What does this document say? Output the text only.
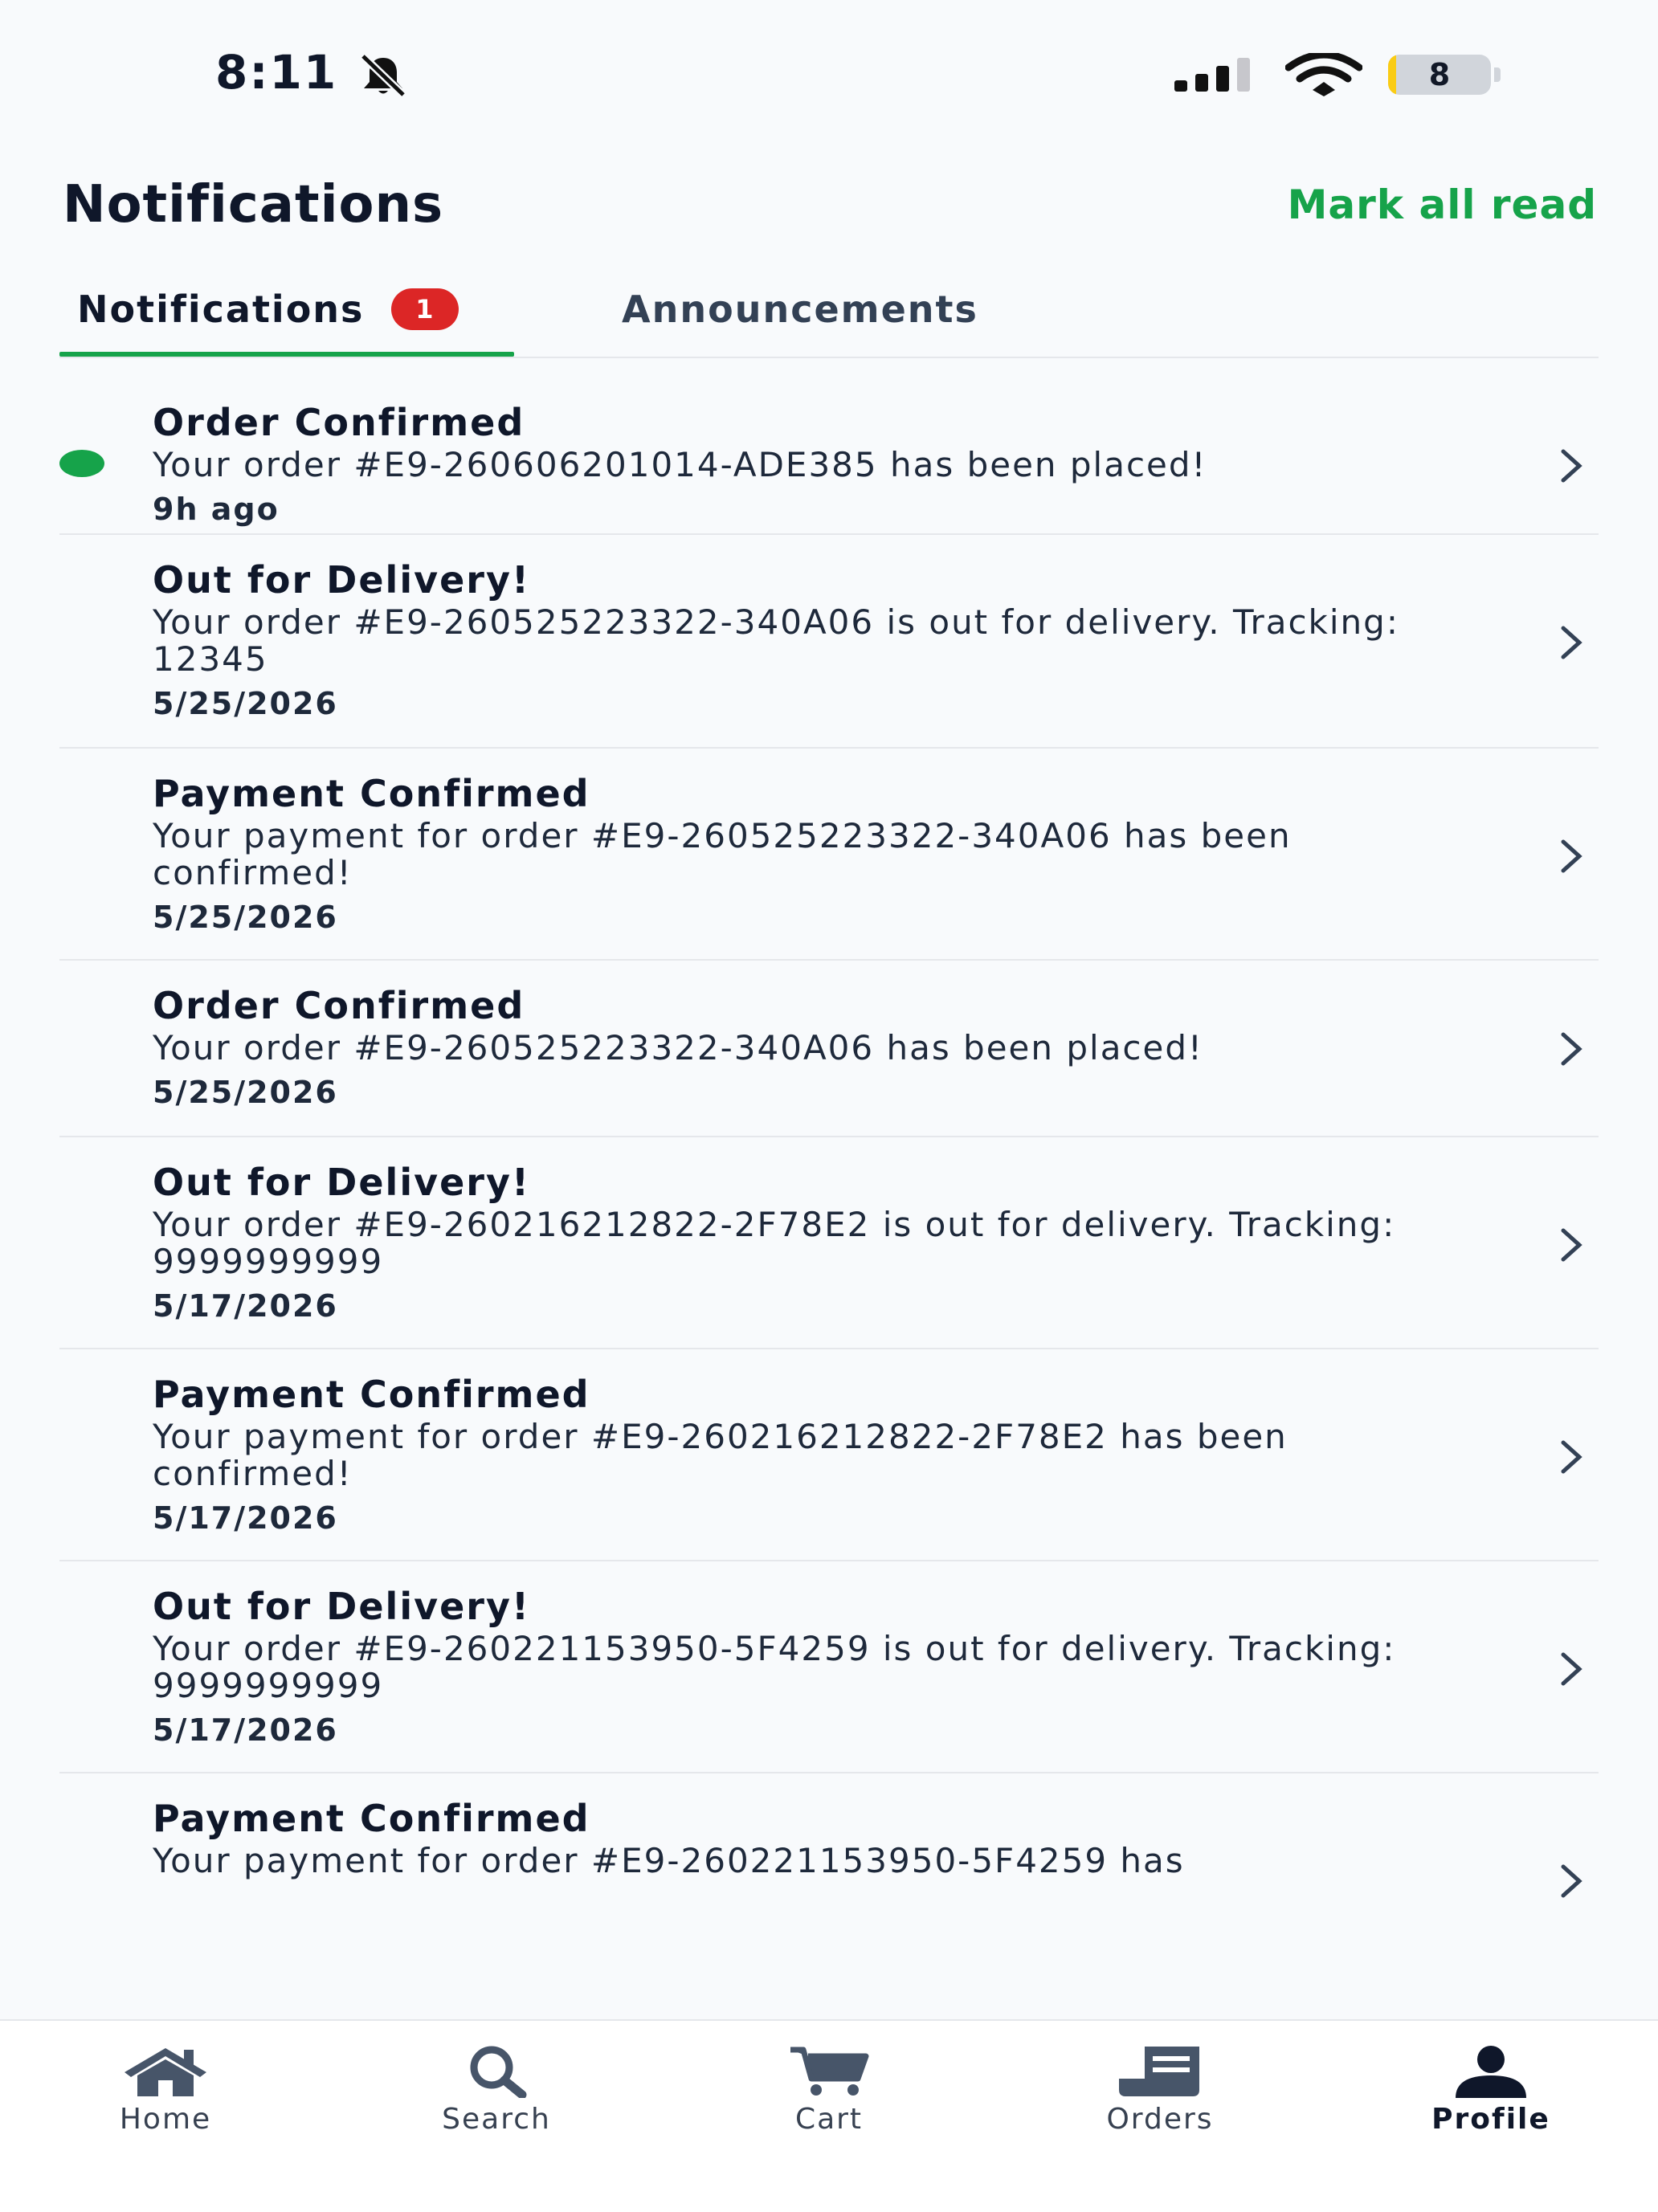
8:11	8
Notifications	Mark all read
Notifications	1	Announcements
Order Confirmed
Your order #E9-260606201014-ADE385 has been placed!
9h ago
Out for Delivery!
Your order #E9-260525223322-340A06 is out for delivery. Tracking: 12345
5/25/2026
Payment Confirmed
Your payment for order #E9-260525223322-340A06 has been confirmed!
5/25/2026
Order Confirmed
Your order #E9-260525223322-340A06 has been placed!
5/25/2026
Out for Delivery!
Your order #E9-260216212822-2F78E2 is out for delivery. Tracking: 9999999999
5/17/2026
Payment Confirmed
Your payment for order #E9-260216212822-2F78E2 has been confirmed!
5/17/2026
Out for Delivery!
Your order #E9-260221153950-5F4259 is out for delivery. Tracking: 9999999999
5/17/2026
Payment Confirmed
Your payment for order #E9-260221153950-5F4259 has
Home	Search	Cart	Orders	Profile
